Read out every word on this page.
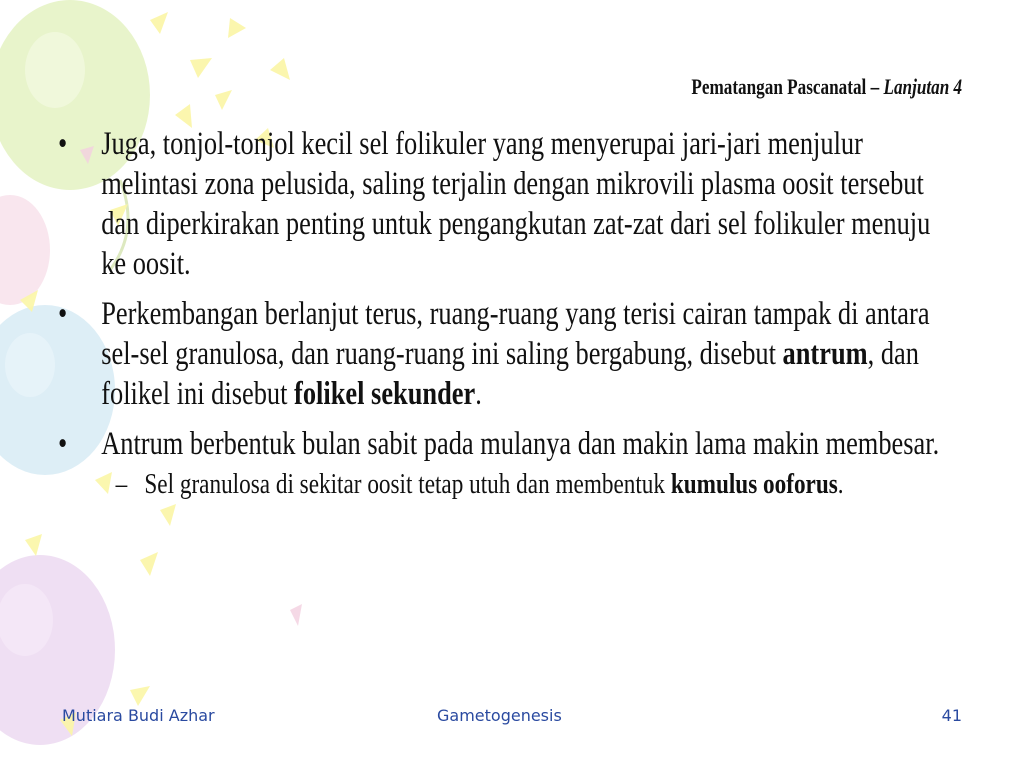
Pematangan Pascanatal – Lanjutan 4
• Juga, tonjol-tonjol kecil sel folikuler yang menyerupai jari-jari menjulur melintasi zona pelusida, saling terjalin dengan mikrovili plasma oosit tersebut dan diperkirakan penting untuk pengangkutan zat-zat dari sel folikuler menuju ke oosit.
• Perkembangan berlanjut terus, ruang-ruang yang terisi cairan tampak di antara sel-sel granulosa, dan ruang-ruang ini saling bergabung, disebut antrum, dan folikel ini disebut folikel sekunder.
• Antrum berbentuk bulan sabit pada mulanya dan makin lama makin membesar.
– Sel granulosa di sekitar oosit tetap utuh dan membentuk kumulus ooforus.
Mutiara Budi Azhar	Gametogenesis	41
